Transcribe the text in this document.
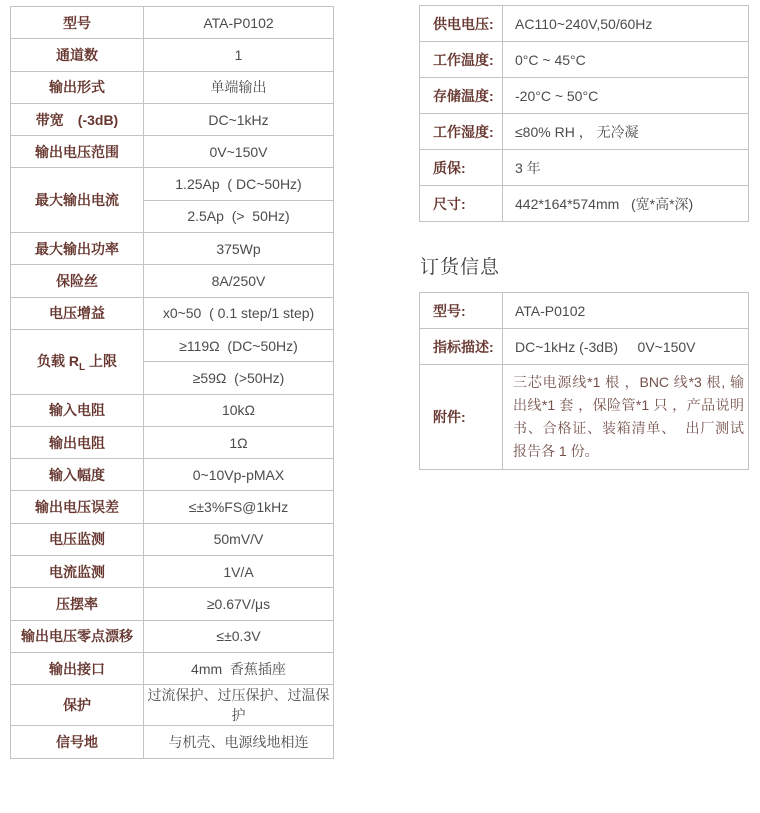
型号	ATA-P0102
通道数	1
输出形式	单端输出
带宽　(-3dB)	DC~1kHz
输出电压范围	0V~150V
最大输出电流	1.25Ap  ( DC~50Hz)
	2.5Ap  (>  50Hz)
最大输出功率	375Wp
保险丝	8A/250V
电压增益	x0~50  ( 0.1 step/1 step)
负载 $R_L$ 上限	≥119Ω  (DC~50Hz)
	≥59Ω  (>50Hz)
输入电阻	10kΩ
输出电阻	1Ω
输入幅度	0~10Vp-pMAX
输出电压误差	≤±3%FS@1kHz
电压监测	50mV/V
电流监测	1V/A
压摆率	≥0.67V/μs
输出电压零点漂移	≤±0.3V
输出接口	4mm  香蕉插座
保护	过流保护、过压保护、过温保护
信号地	与机壳、电源线地相连
供电电压:	AC110~240V,50/60Hz
工作温度:	0°C ~ 45°C
存储温度:	-20°C ~ 50°C
工作湿度:	≤80% RH ， 无冷凝
质保:	3 年
尺寸:	442*164*574mm   (宽*高*深)
订货信息
型号:	ATA-P0102
指标描述:	DC~1kHz (-3dB)     0V~150V
附件:	三芯电源线*1 根 ，BNC 线*3 根, 输出线*1 套 ，保险管*1 只 ，产品说明书、合格证、装箱清单、  出厂测试报告各 1 份。
